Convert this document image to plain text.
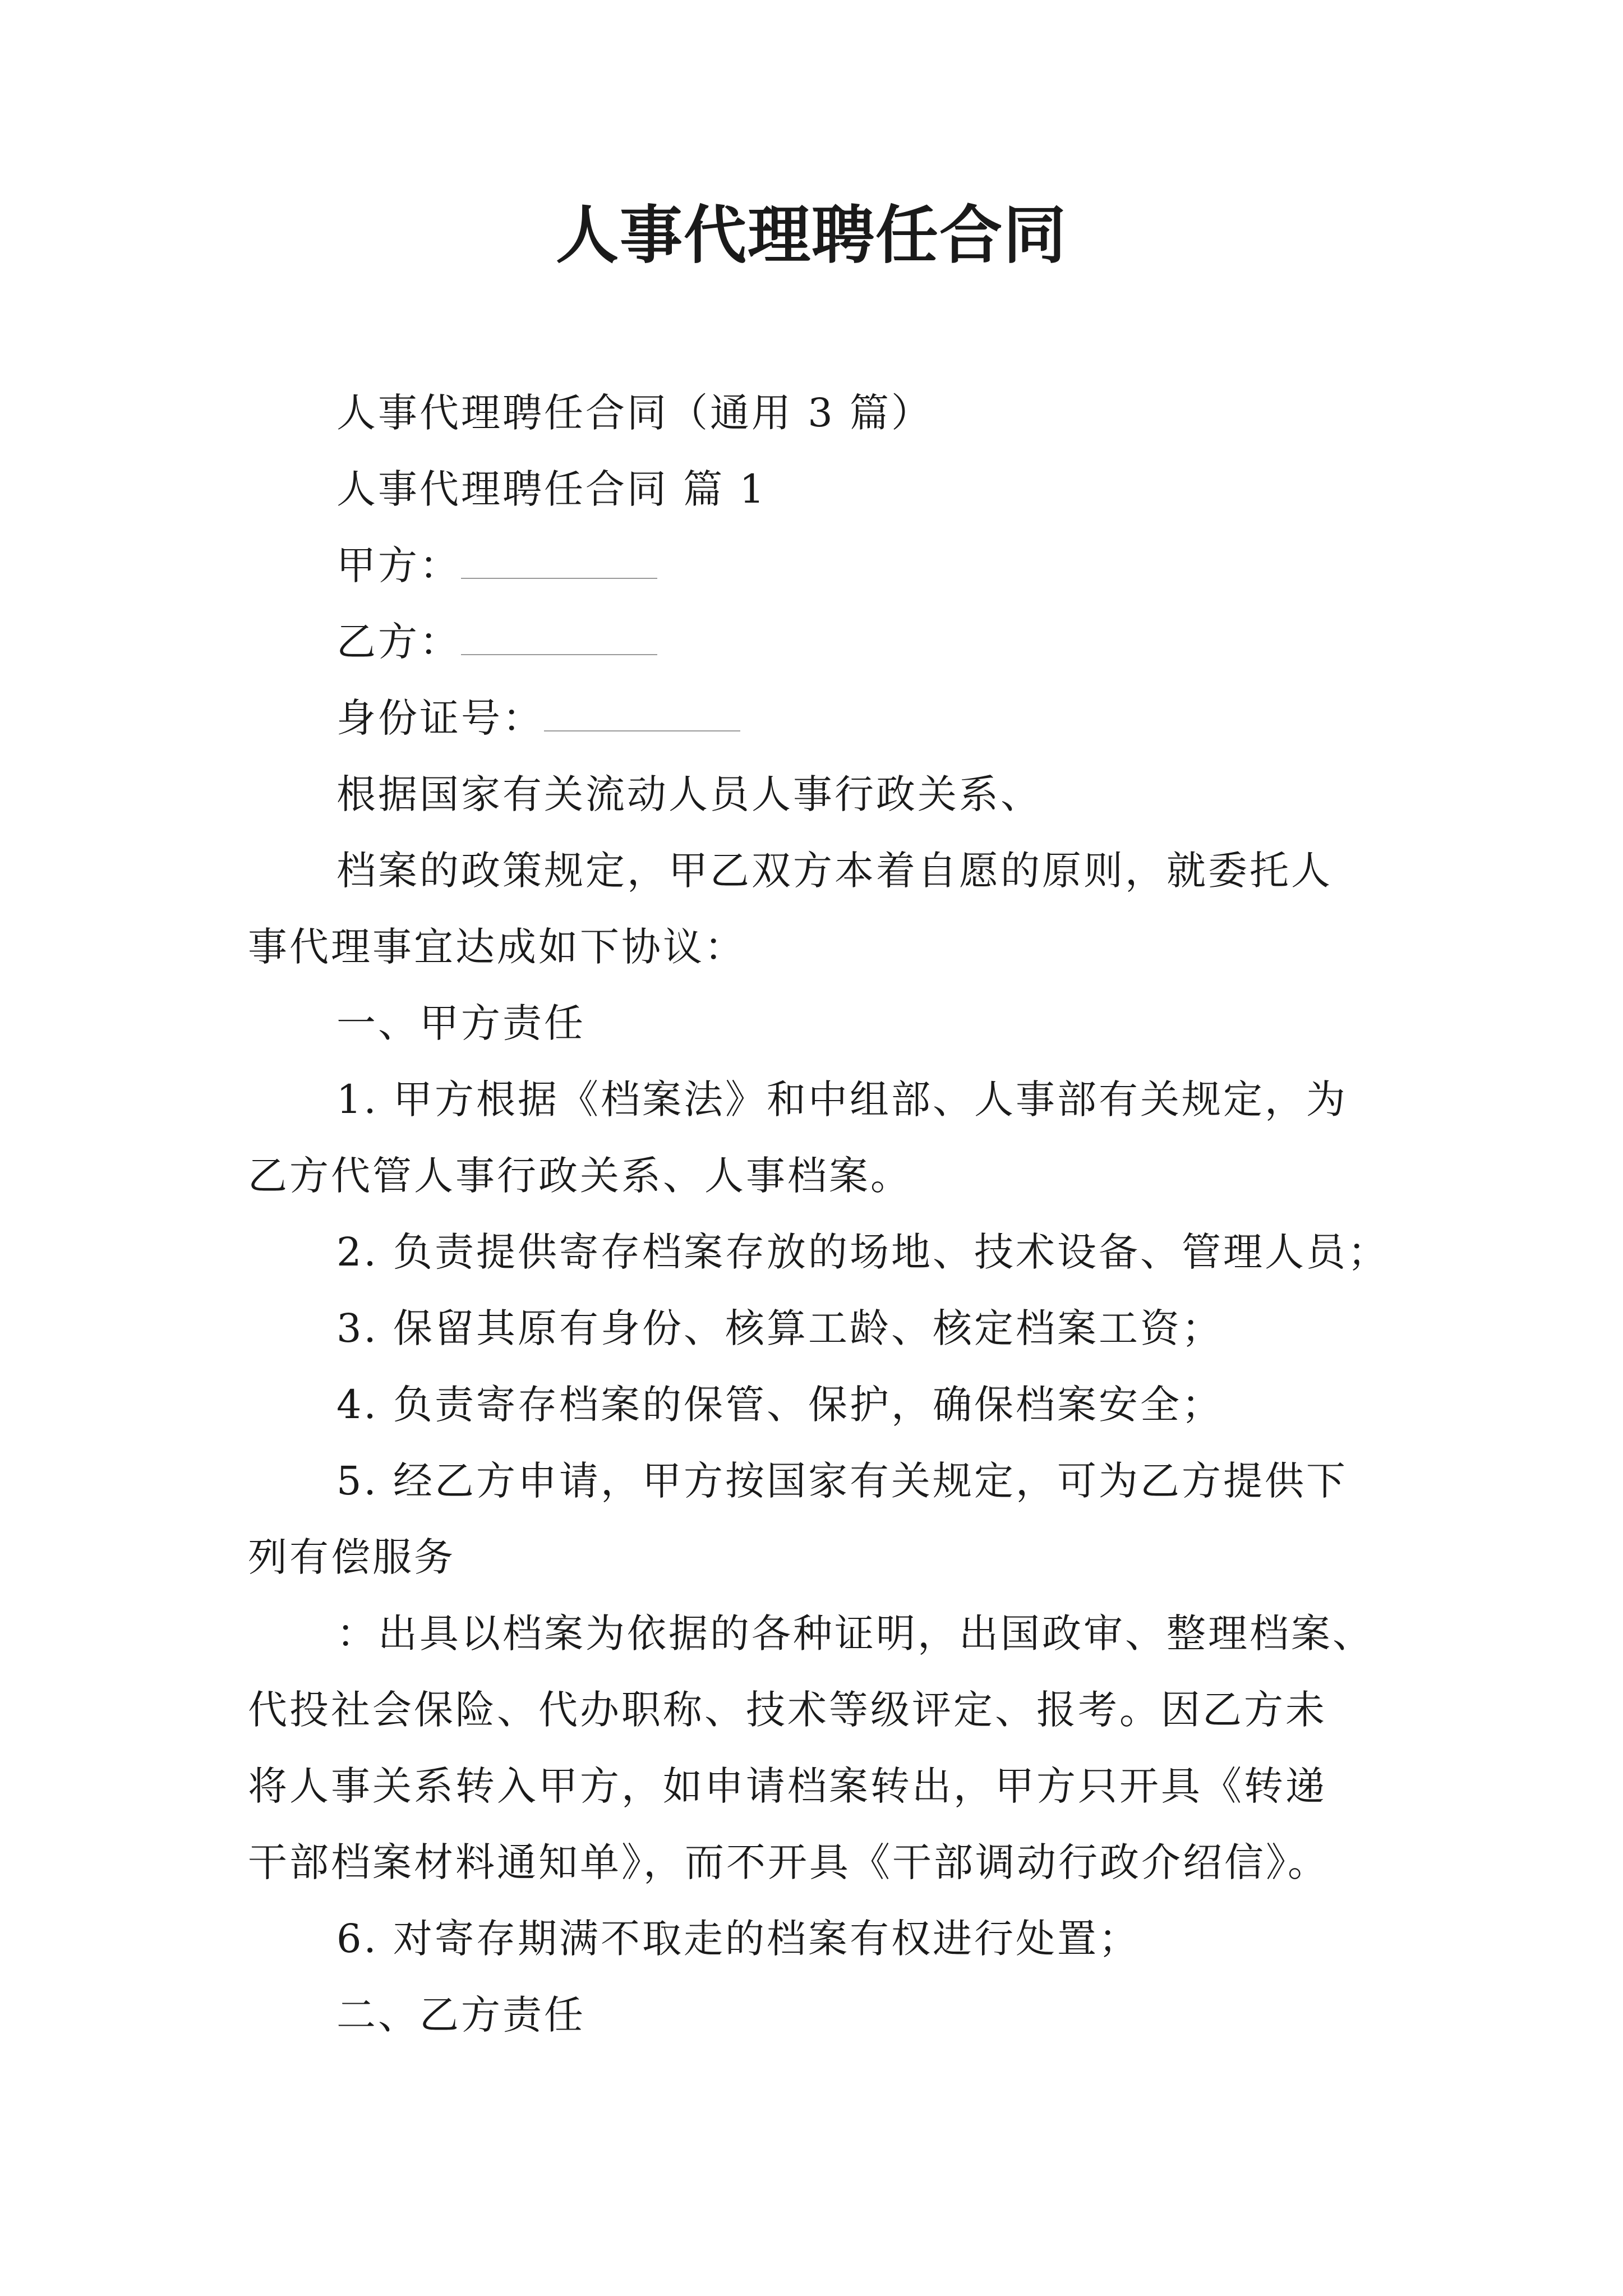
人事代理聘任合同

人事代理聘任合同（通用 3 篇）

人事代理聘任合同 篇 1

甲方：

乙方：

身份证号：

根据国家有关流动人员人事行政关系、

档案的政策规定，甲乙双方本着自愿的原则，就委托人

事代理事宜达成如下协议：

一、甲方责任

1. 甲方根据《档案法》和中组部、人事部有关规定，为

乙方代管人事行政关系、人事档案。

2. 负责提供寄存档案存放的场地、技术设备、管理人员；

3. 保留其原有身份、核算工龄、核定档案工资；

4. 负责寄存档案的保管、保护，确保档案安全；

5. 经乙方申请，甲方按国家有关规定，可为乙方提供下

列有偿服务

：出具以档案为依据的各种证明，出国政审、整理档案、

代投社会保险、代办职称、技术等级评定、报考。因乙方未

将人事关系转入甲方，如申请档案转出，甲方只开具《转递

干部档案材料通知单》，而不开具《干部调动行政介绍信》。

6. 对寄存期满不取走的档案有权进行处置；

二、乙方责任
